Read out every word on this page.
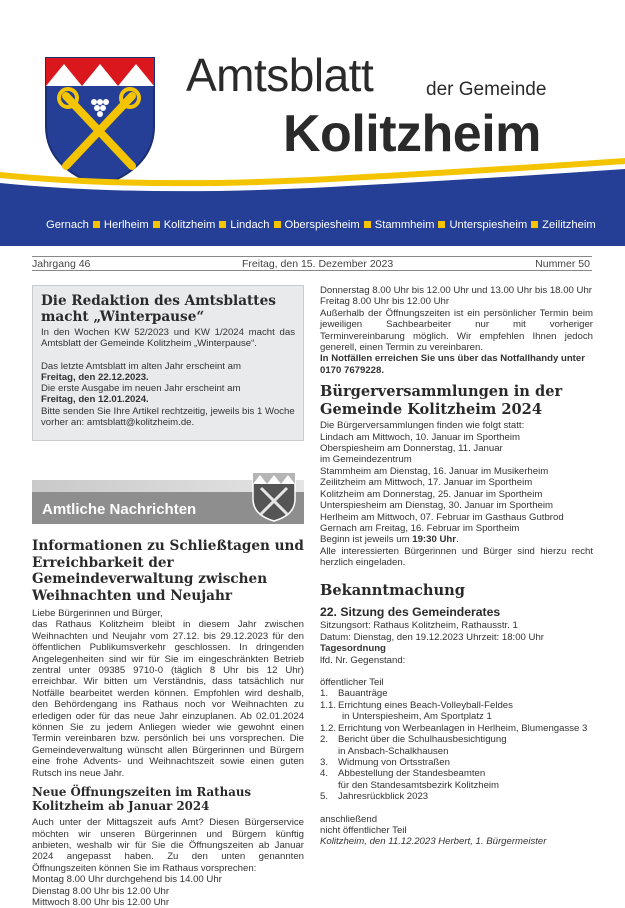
Amtsblatt	der Gemeinde
Kolitzheim
Gernach Herlheim Kolitzheim Lindach Oberspiesheim Stammheim Unterspiesheim Zeilitzheim
Jahrgang 46	Freitag, den 15. Dezember 2023	Nummer 50
Die Redaktion des Amtsblattes macht „Winterpause“
In den Wochen KW 52/2023 und KW 1/2024 macht das Amtsblatt der Gemeinde Kolitzheim „Winterpause“.
Das letzte Amtsblatt im alten Jahr erscheint am
Freitag, den 22.12.2023.
Die erste Ausgabe im neuen Jahr erscheint am
Freitag, den 12.01.2024.
Bitte senden Sie Ihre Artikel rechtzeitig, jeweils bis 1 Woche vorher an: amtsblatt@kolitzheim.de.
Amtliche Nachrichten
Informationen zu Schließtagen und Erreichbarkeit der Gemeindeverwaltung zwischen Weihnachten und Neujahr
Liebe Bürgerinnen und Bürger,
das Rathaus Kolitzheim bleibt in diesem Jahr zwischen Weihnachten und Neujahr vom 27.12. bis 29.12.2023 für den öffentlichen Publikumsverkehr geschlossen. In dringenden Angelegenheiten sind wir für Sie im eingeschränkten Betrieb zentral unter 09385 9710-0 (täglich 8 Uhr bis 12 Uhr) erreichbar. Wir bitten um Verständnis, dass tatsächlich nur Notfälle bearbeitet werden können. Empfohlen wird deshalb, den Behördengang ins Rathaus noch vor Weihnachten zu erledigen oder für das neue Jahr einzuplanen. Ab 02.01.2024 können Sie zu jedem Anliegen wieder wie gewohnt einen Termin vereinbaren bzw. persönlich bei uns vorsprechen. Die Gemeindeverwaltung wünscht allen Bürgerinnen und Bürgern eine frohe Advents- und Weihnachtszeit sowie einen guten Rutsch ins neue Jahr.
Neue Öffnungszeiten im Rathaus Kolitzheim ab Januar 2024
Auch unter der Mittagszeit aufs Amt? Diesen Bürgerservice möchten wir unseren Bürgerinnen und Bürgern künftig anbieten, weshalb wir für Sie die Öffnungszeiten ab Januar 2024 angepasst haben. Zu den unten genannten Öffnungszeiten können Sie im Rathaus vorsprechen:
Montag 8.00 Uhr durchgehend bis 14.00 Uhr
Dienstag 8.00 Uhr bis 12.00 Uhr
Mittwoch 8.00 Uhr bis 12.00 Uhr
Donnerstag 8.00 Uhr bis 12.00 Uhr und 13.00 Uhr bis 18.00 Uhr
Freitag 8.00 Uhr bis 12.00 Uhr
Außerhalb der Öffnungszeiten ist ein persönlicher Termin beim jeweiligen Sachbearbeiter nur mit vorheriger Terminvereinbarung möglich. Wir empfehlen Ihnen jedoch generell, einen Termin zu vereinbaren.
In Notfällen erreichen Sie uns über das Notfallhandy unter 0170 7679228.
Bürgerversammlungen in der Gemeinde Kolitzheim 2024
Die Bürgerversammlungen finden wie folgt statt:
Lindach am Mittwoch, 10. Januar im Sportheim
Oberspiesheim am Donnerstag, 11. Januar
im Gemeindezentrum
Stammheim am Dienstag, 16. Januar im Musikerheim
Zeilitzheim am Mittwoch, 17. Januar im Sportheim
Kolitzheim am Donnerstag, 25. Januar im Sportheim
Unterspiesheim am Dienstag, 30. Januar im Sportheim
Herlheim am Mittwoch, 07. Februar im Gasthaus Gutbrod
Gernach am Freitag, 16. Februar im Sportheim
Beginn ist jeweils um 19:30 Uhr.
Alle interessierten Bürgerinnen und Bürger sind hierzu recht herzlich eingeladen.
Bekanntmachung
22. Sitzung des Gemeinderates
Sitzungsort: Rathaus Kolitzheim, Rathausstr. 1
Datum: Dienstag, den 19.12.2023 Uhrzeit: 18:00 Uhr
Tagesordnung
lfd. Nr. Gegenstand:
öffentlicher Teil
1.	Bauanträge
1.1. Errichtung eines Beach-Volleyball-Feldes
in Unterspiesheim, Am Sportplatz 1
1.2. Errichtung von Werbeanlagen in Herlheim, Blumengasse 3
2.	Bericht über die Schulhausbesichtigung
in Ansbach-Schalkhausen
3.	Widmung von Ortsstraßen
4.	Abbestellung der Standesbeamten
für den Standesamtsbezirk Kolitzheim
5.	Jahresrückblick 2023
anschließend
nicht öffentlicher Teil
Kolitzheim, den 11.12.2023 Herbert, 1. Bürgermeister
